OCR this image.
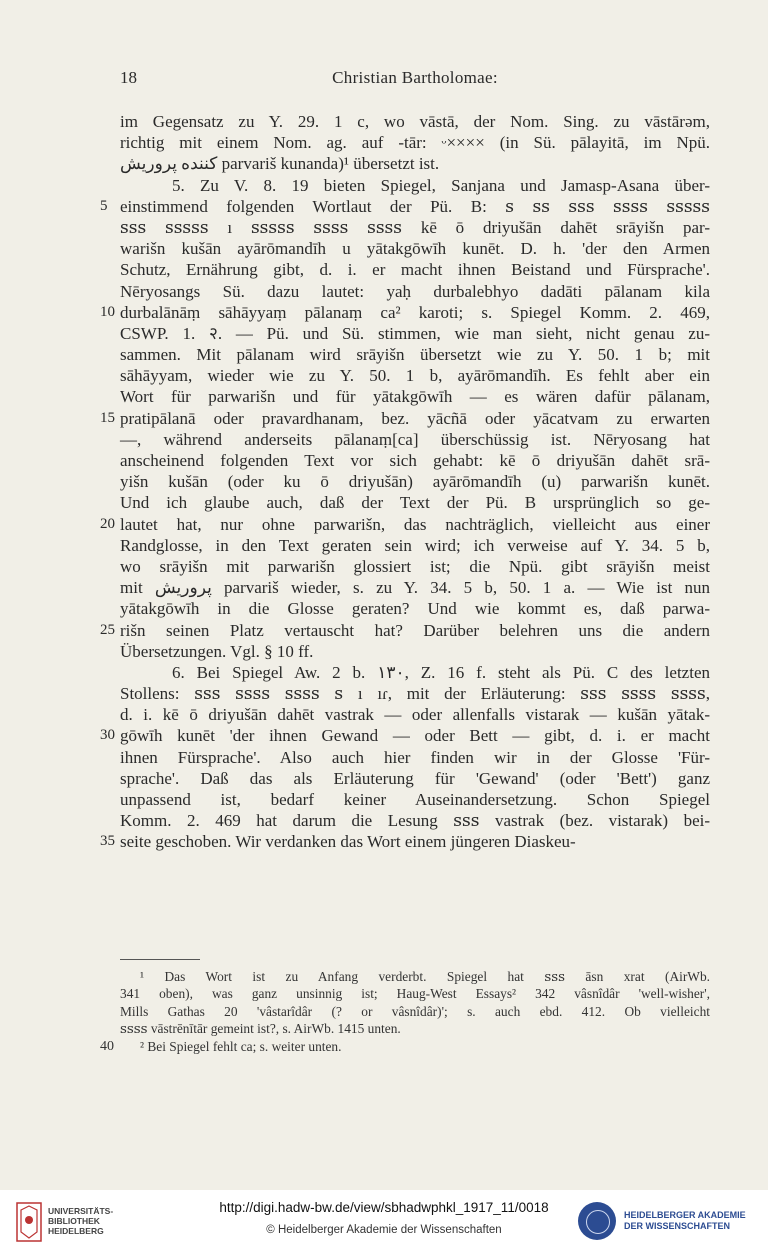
18	Christian Bartholomae:
im Gegensatz zu Y. 29. 1 c, wo vāstā, der Nom. Sing. zu vāstārəm,
richtig mit einem Nom. ag. auf -tār: ⁠ᵕ×××× (in Sü. pālayitā, im Npü.
كننده پروريش parvariš kunanda)¹ übersetzt ist.
5. Zu V. 8. 19 bieten Spiegel, Sanjana und Jamasp-Asana über-
5 einstimmend folgenden Wortlaut der Pü. B: ꜱ ꜱꜱ ꜱꜱꜱ ꜱꜱꜱꜱ ꜱꜱꜱꜱꜱ
ꜱꜱꜱ ꜱꜱꜱꜱꜱ ı ꜱꜱꜱꜱꜱ ꜱꜱꜱꜱ ꜱꜱꜱꜱ kē ō driyušān dahēt srāyišn par-
warišn kušān ayārōmandīh u yātakgōwīh kunēt. D. h. 'der den Armen
Schutz, Ernährung gibt, d. i. er macht ihnen Beistand und Fürsprache'.
Nēryosangs Sü. dazu lautet: yaḥ durbalebhyo dadāti pālanam kila
10 durbalānāṃ sāhāyyaṃ pālanaṃ ca² karoti; s. Spiegel Komm. 2. 469,
CSWP. 1. २. — Pü. und Sü. stimmen, wie man sieht, nicht genau zu-
sammen. Mit pālanam wird srāyišn übersetzt wie zu Y. 50. 1 b; mit
sāhāyyam, wieder wie zu Y. 50. 1 b, ayārōmandīh. Es fehlt aber ein
Wort für parwarišn und für yātakgōwīh — es wären dafür pālanam,
15 pratipālanā oder pravardhanam, bez. yācñā oder yācatvam zu erwarten
—, während anderseits pālanaṃ[ca] überschüssig ist. Nēryosang hat
anscheinend folgenden Text vor sich gehabt: kē ō driyušān dahēt srā-
yišn kušān (oder ku ō driyušān) ayārōmandīh (u) parwarišn kunēt.
Und ich glaube auch, daß der Text der Pü. B ursprünglich so ge-
20 lautet hat, nur ohne parwarišn, das nachträglich, vielleicht aus einer
Randglosse, in den Text geraten sein wird; ich verweise auf Y. 34. 5 b,
wo srāyišn mit parwarišn glossiert ist; die Npü. gibt srāyišn meist
mit پروريش parvariš wieder, s. zu Y. 34. 5 b, 50. 1 a. — Wie ist nun
yātakgōwīh in die Glosse geraten? Und wie kommt es, daß parwa-
25 rišn seinen Platz vertauscht hat? Darüber belehren uns die andern
Übersetzungen. Vgl. § 10 ff.
6. Bei Spiegel Aw. 2 b. ١٣٠, Z. 16 f. steht als Pü. C des letzten
Stollens: ꜱꜱꜱ ꜱꜱꜱꜱ ꜱꜱꜱꜱ ꜱ ı ıɾ, mit der Erläuterung: ꜱꜱꜱ ꜱꜱꜱꜱ ꜱꜱꜱꜱ,
d. i. kē ō driyušān dahēt vastrak — oder allenfalls vistarak — kušān yātak-
30 gōwīh kunēt 'der ihnen Gewand — oder Bett — gibt, d. i. er macht
ihnen Fürsprache'. Also auch hier finden wir in der Glosse 'Für-
sprache'. Daß das als Erläuterung für 'Gewand' (oder 'Bett') ganz
unpassend ist, bedarf keiner Auseinandersetzung. Schon Spiegel
Komm. 2. 469 hat darum die Lesung ꜱꜱꜱ vastrak (bez. vistarak) bei-
35 seite geschoben. Wir verdanken das Wort einem jüngeren Diaskeu-
¹ Das Wort ist zu Anfang verderbt. Spiegel hat ꜱꜱꜱ āsn xrat (AirWb.
341 oben), was ganz unsinnig ist; Haug-West Essays² 342 vâsnîdâr 'well-wisher',
Mills Gathas 20 'vâstarîdâr (? or vâsnîdâr)'; s. auch ebd. 412. Ob vielleicht
ꜱꜱꜱꜱ vāstrēnītār gemeint ist?, s. AirWb. 1415 unten.
40 ² Bei Spiegel fehlt ca; s. weiter unten.
UNIVERSITÄTS-
BIBLIOTHEK
HEIDELBERG
http://digi.hadw-bw.de/view/sbhadwphkl_1917_11/0018
© Heidelberger Akademie der Wissenschaften
HEIDELBERGER AKADEMIE
DER WISSENSCHAFTEN
